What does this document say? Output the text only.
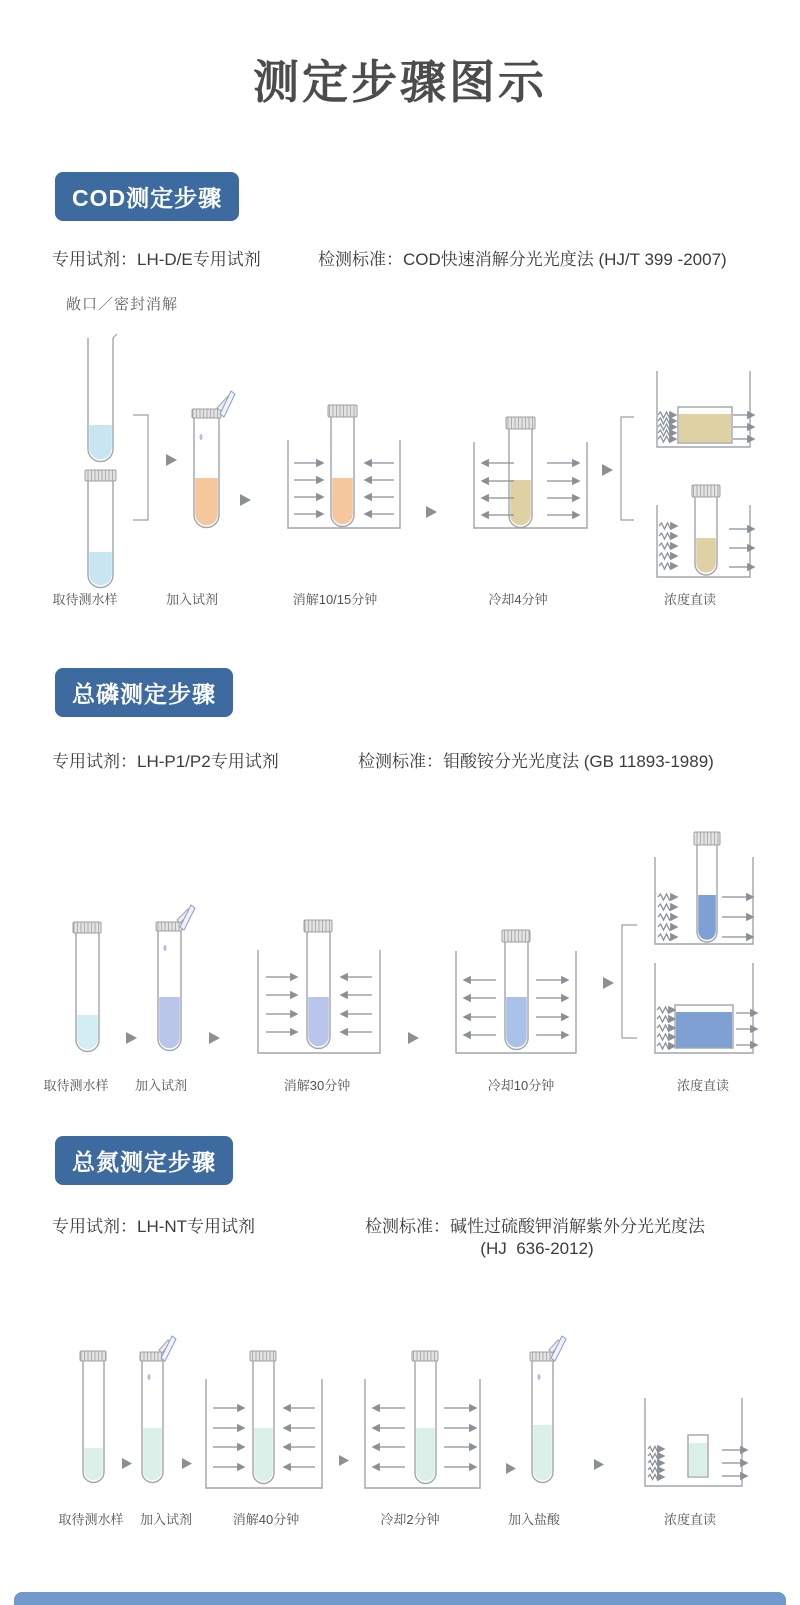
测定步骤图示
COD测定步骤
专用试剂：LH-D/E专用试剂	检测标准：COD快速消解分光光度法 (HJ/T 399 -2007)
敞口／密封消解
取待测水样	加入试剂	消解10/15分钟	冷却4分钟	浓度直读
总磷测定步骤
专用试剂：LH-P1/P2专用试剂	检测标准：钼酸铵分光光度法 (GB 11893-1989)
取待测水样 加入试剂	消解30分钟	冷却10分钟	浓度直读
总氮测定步骤
专用试剂：LH-NT专用试剂	检测标准：碱性过硫酸钾消解紫外分光光度法
(HJ  636-2012)
取待测水样 加入试剂	消解40分钟	冷却2分钟	加入盐酸	浓度直读
